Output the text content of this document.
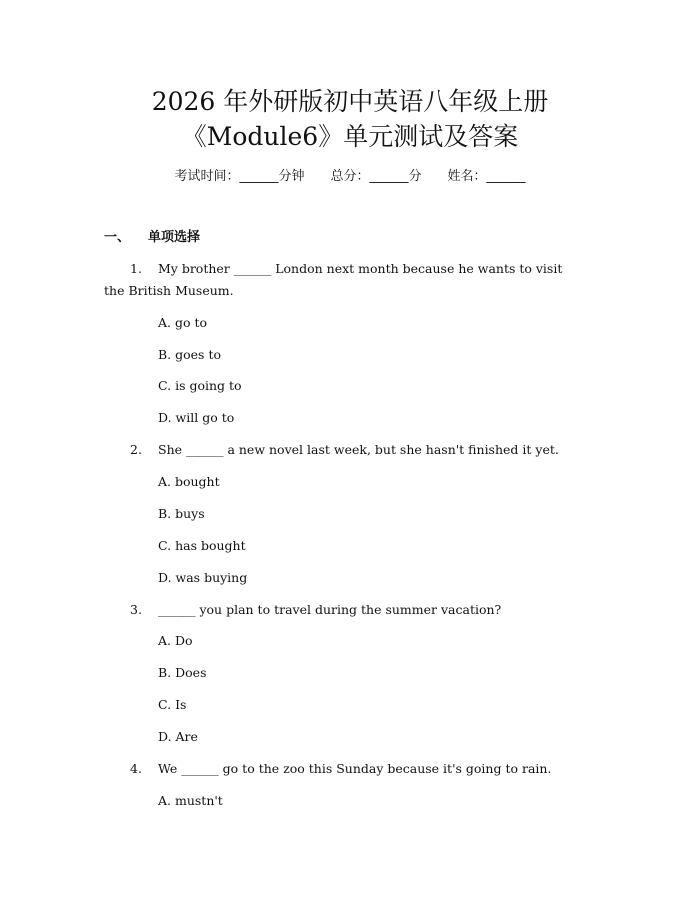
2026 年外研版初中英语八年级上册
《Module6》单元测试及答案
考试时间：______分钟 总分：______分 姓名：______
一、 单项选择
1. My brother ______ London next month because he wants to visit
the British Museum.
A. go to
B. goes to
C. is going to
D. will go to
2. She ______ a new novel last week, but she hasn't finished it yet.
A. bought
B. buys
C. has bought
D. was buying
3. ______ you plan to travel during the summer vacation?
A. Do
B. Does
C. Is
D. Are
4. We ______ go to the zoo this Sunday because it's going to rain.
A. mustn't
